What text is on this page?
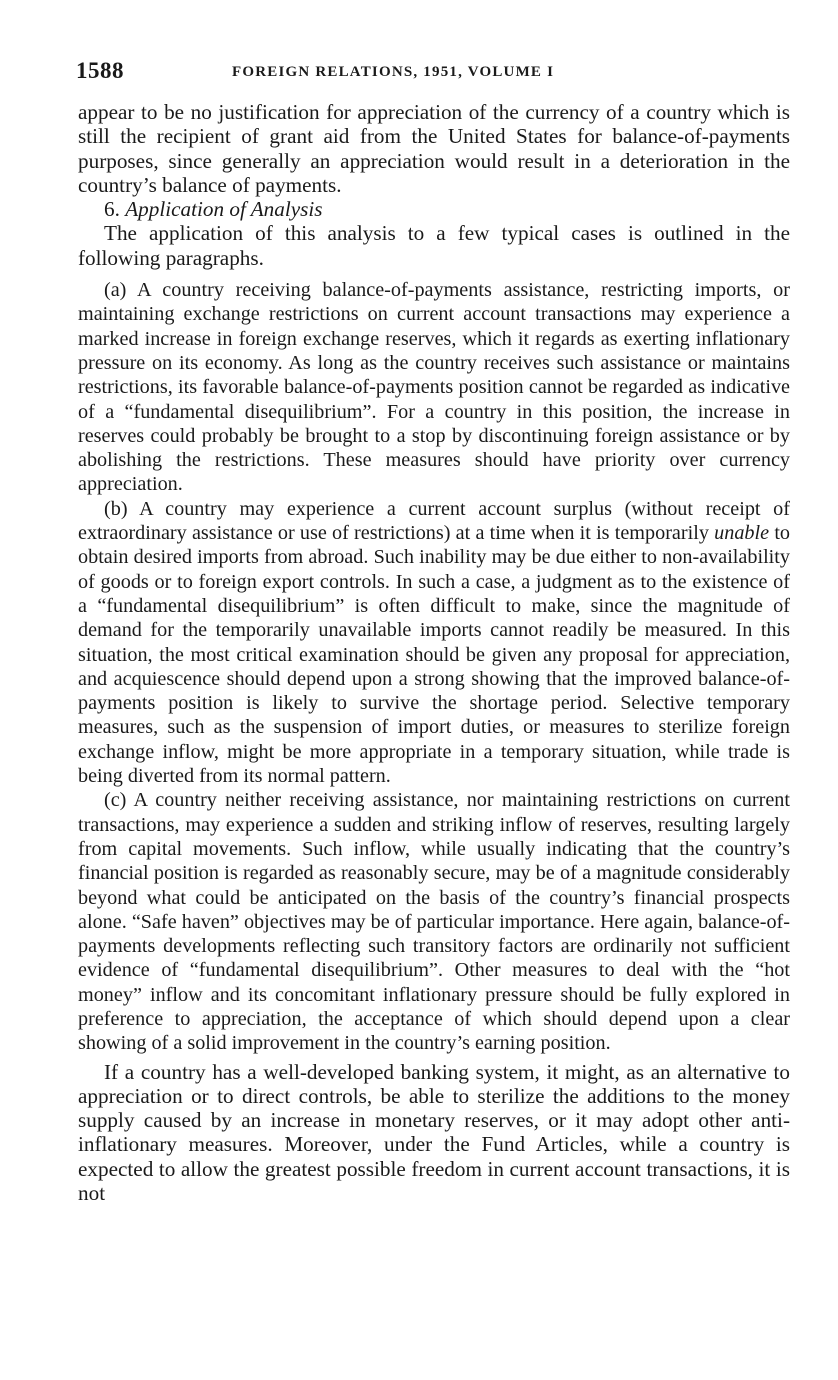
1588	FOREIGN RELATIONS, 1951, VOLUME I

appear to be no justification for appreciation of the currency of a country which is still the recipient of grant aid from the United States for balance-of-payments purposes, since generally an appreciation would result in a deterioration in the country’s balance of payments.

6. Application of Analysis

The application of this analysis to a few typical cases is outlined in the following paragraphs.

(a) A country receiving balance-of-payments assistance, restricting imports, or maintaining exchange restrictions on current account transactions may experience a marked increase in foreign exchange reserves, which it regards as exerting inflationary pressure on its economy. As long as the country receives such assistance or maintains restrictions, its favorable balance-of-payments position cannot be regarded as indicative of a “fundamental disequilibrium”. For a country in this position, the increase in reserves could probably be brought to a stop by discontinuing foreign assistance or by abolishing the restrictions. These measures should have priority over currency appreciation.

(b) A country may experience a current account surplus (without receipt of extraordinary assistance or use of restrictions) at a time when it is temporarily unable to obtain desired imports from abroad. Such inability may be due either to non-availability of goods or to foreign export controls. In such a case, a judgment as to the existence of a “fundamental disequilibrium” is often difficult to make, since the magnitude of demand for the temporarily unavailable imports cannot readily be measured. In this situation, the most critical examination should be given any proposal for appreciation, and acquiescence should depend upon a strong showing that the improved balance-of-payments position is likely to survive the shortage period. Selective temporary measures, such as the suspension of import duties, or measures to sterilize foreign exchange inflow, might be more appropriate in a temporary situation, while trade is being diverted from its normal pattern.

(c) A country neither receiving assistance, nor maintaining restrictions on current transactions, may experience a sudden and striking inflow of reserves, resulting largely from capital movements. Such inflow, while usually indicating that the country’s financial position is regarded as reasonably secure, may be of a magnitude considerably beyond what could be anticipated on the basis of the country’s financial prospects alone. “Safe haven” objectives may be of particular importance. Here again, balance-of-payments developments reflecting such transitory factors are ordinarily not sufficient evidence of “fundamental disequilibrium”. Other measures to deal with the “hot money” inflow and its concomitant inflationary pressure should be fully explored in preference to appreciation, the acceptance of which should depend upon a clear showing of a solid improvement in the country’s earning position.

If a country has a well-developed banking system, it might, as an alternative to appreciation or to direct controls, be able to sterilize the additions to the money supply caused by an increase in monetary reserves, or it may adopt other anti-inflationary measures. Moreover, under the Fund Articles, while a country is expected to allow the greatest possible freedom in current account transactions, it is not
